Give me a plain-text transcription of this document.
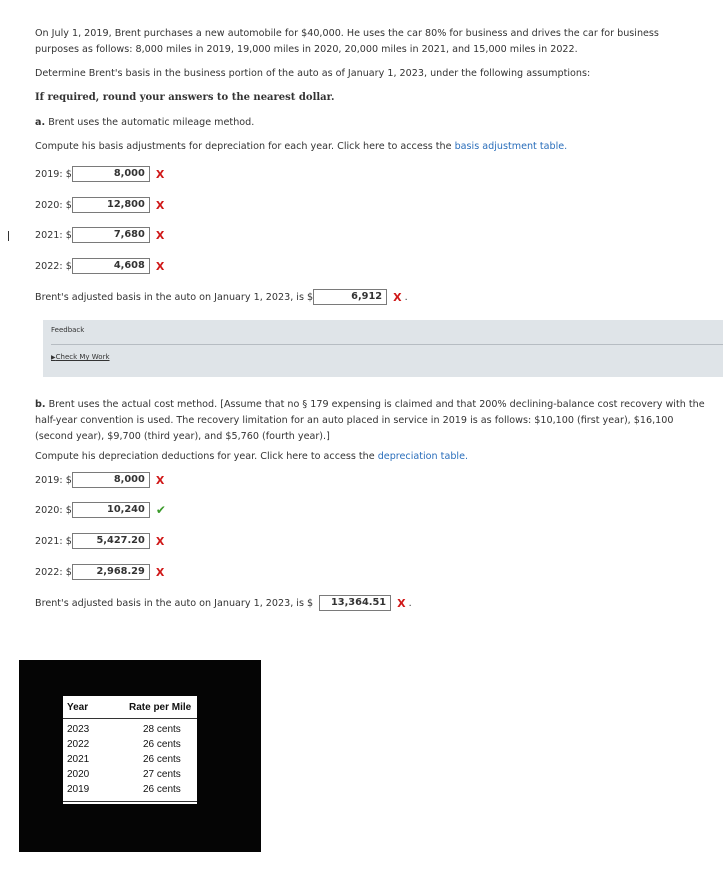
On July 1, 2019, Brent purchases a new automobile for $40,000. He uses the car 80% for business and drives the car for business
purposes as follows: 8,000 miles in 2019, 19,000 miles in 2020, 20,000 miles in 2021, and 15,000 miles in 2022.
Determine Brent's basis in the business portion of the auto as of January 1, 2023, under the following assumptions:
If required, round your answers to the nearest dollar.
a. Brent uses the automatic mileage method.
Compute his basis adjustments for depreciation for each year. Click here to access the basis adjustment table.
2019: $	8,000	X
2020: $	12,800	X
2021: $	7,680	X
2022: $	4,608	X
Brent's adjusted basis in the auto on January 1, 2023, is $	6,912	X .
Feedback
▶Check My Work
b. Brent uses the actual cost method. [Assume that no § 179 expensing is claimed and that 200% declining-balance cost recovery with the
half-year convention is used. The recovery limitation for an auto placed in service in 2019 is as follows: $10,100 (first year), $16,100
(second year), $9,700 (third year), and $5,760 (fourth year).]
Compute his depreciation deductions for year. Click here to access the depreciation table.
2019: $	8,000	X
2020: $	10,240 ✔
2021: $	5,427.20	X
2022: $	2,968.29	X
Brent's adjusted basis in the auto on January 1, 2023, is $	13,364.51	X .
Year	Rate per Mile
2023	28 cents
2022	26 cents
2021	26 cents
2020	27 cents
2019	26 cents
